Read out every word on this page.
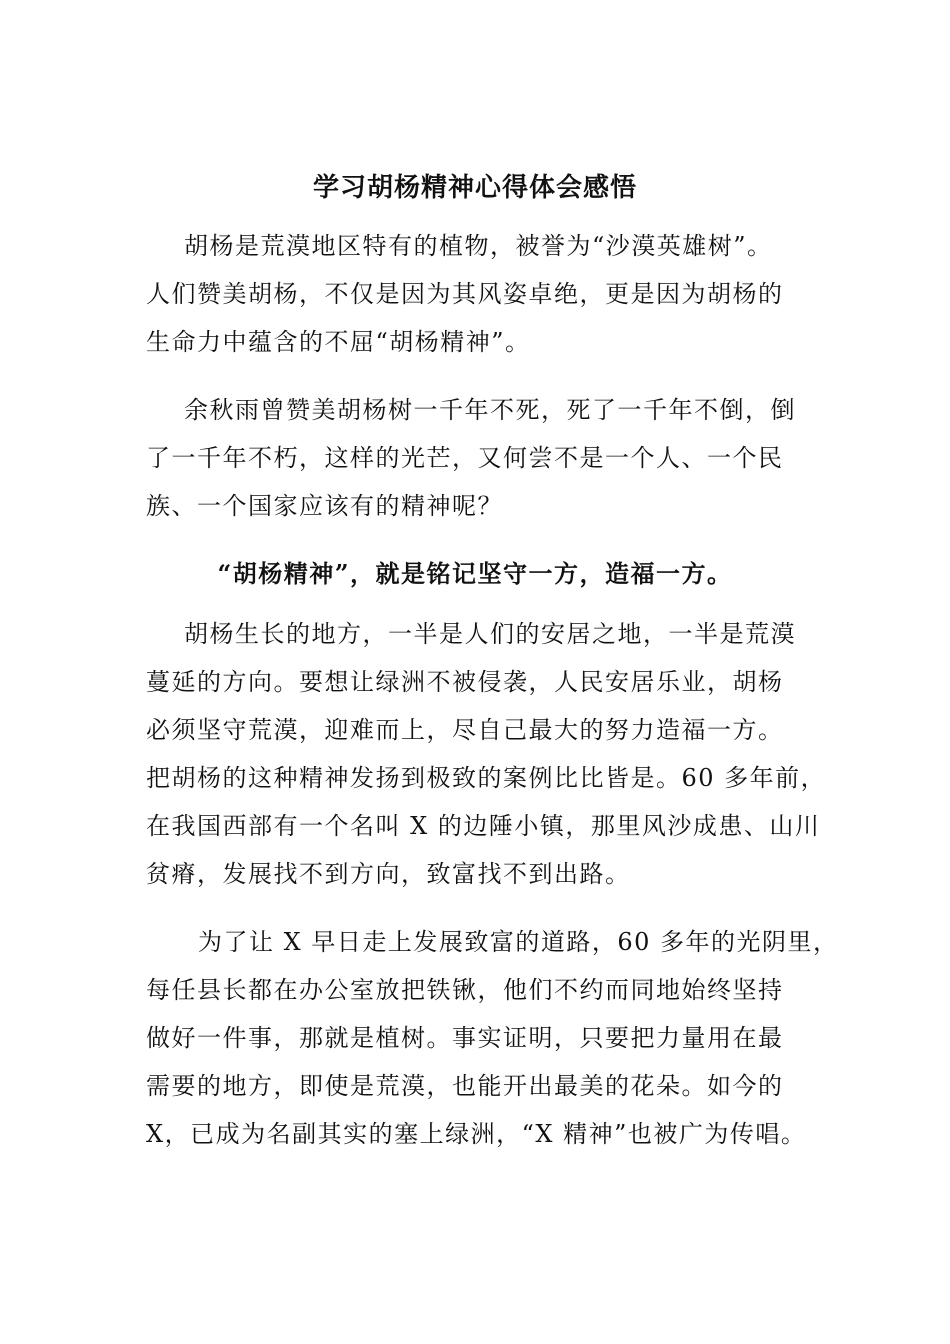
学习胡杨精神心得体会感悟
胡杨是荒漠地区特有的植物，被誉为“沙漠英雄树”。
人们赞美胡杨，不仅是因为其风姿卓绝，更是因为胡杨的
生命力中蕴含的不屈“胡杨精神”。
余秋雨曾赞美胡杨树一千年不死，死了一千年不倒，倒
了一千年不朽，这样的光芒，又何尝不是一个人、一个民
族、一个国家应该有的精神呢？
“胡杨精神”，就是铭记坚守一方，造福一方。
胡杨生长的地方，一半是人们的安居之地，一半是荒漠
蔓延的方向。要想让绿洲不被侵袭，人民安居乐业，胡杨
必须坚守荒漠，迎难而上，尽自己最大的努力造福一方。
把胡杨的这种精神发扬到极致的案例比比皆是。60 多年前，
在我国西部有一个名叫 X 的边陲小镇，那里风沙成患、山川
贫瘠，发展找不到方向，致富找不到出路。
为了让 X 早日走上发展致富的道路，60 多年的光阴里，
每任县长都在办公室放把铁锹，他们不约而同地始终坚持
做好一件事，那就是植树。事实证明，只要把力量用在最
需要的地方，即使是荒漠，也能开出最美的花朵。如今的
X，已成为名副其实的塞上绿洲，“X 精神”也被广为传唱。
